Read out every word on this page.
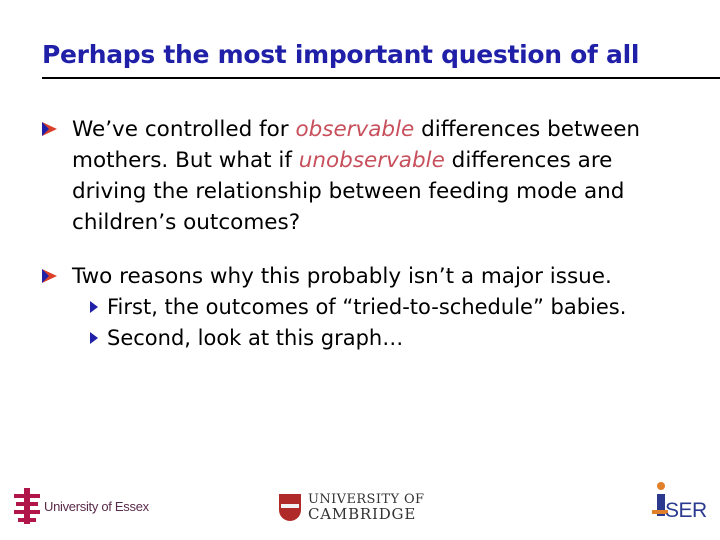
Perhaps the most important question of all
We’ve controlled for observable differences between mothers. But what if unobservable differences are driving the relationship between feeding mode and children’s outcomes?
Two reasons why this probably isn’t a major issue.
First, the outcomes of “tried-to-schedule” babies.
Second, look at this graph…
University of Essex	UNIVERSITY OF
CAMBRIDGE	SER
